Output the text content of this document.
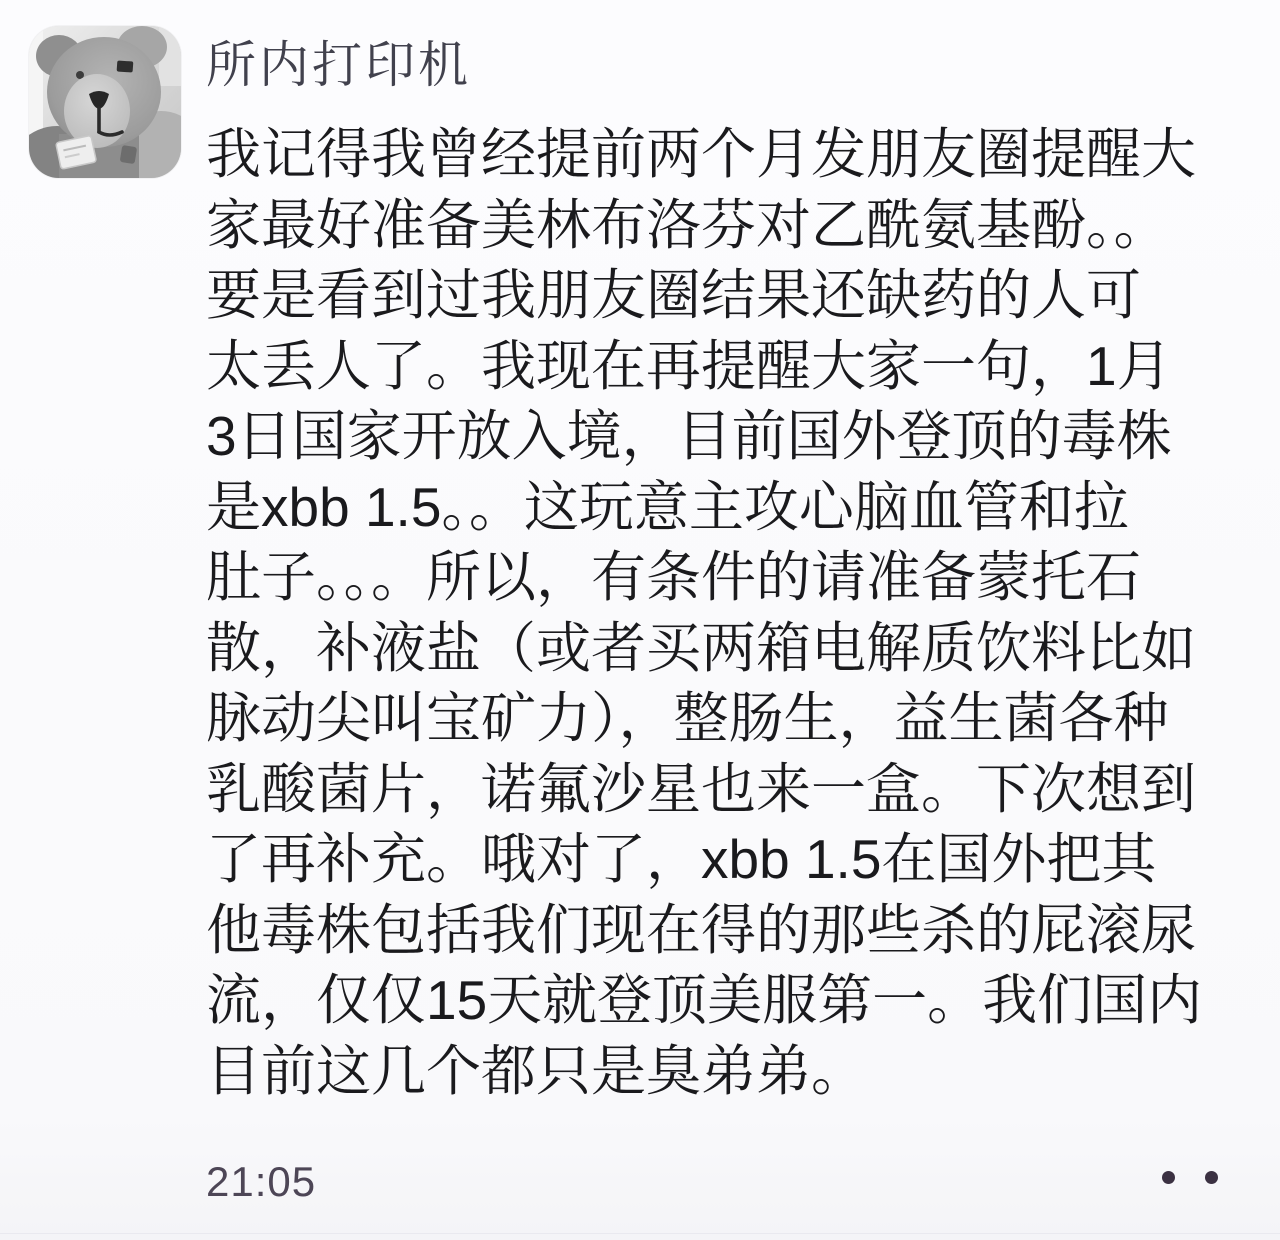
所内打印机
我记得我曾经提前两个月发朋友圈提醒大
家最好准备美林布洛芬对乙酰氨基酚。。
要是看到过我朋友圈结果还缺药的人可
太丢人了。我现在再提醒大家一句，1月
3日国家开放入境，目前国外登顶的毒株
是xbb 1.5。。这玩意主攻心脑血管和拉
肚子。。。所以，有条件的请准备蒙托石
散，补液盐（或者买两箱电解质饮料比如
脉动尖叫宝矿力），整肠生，益生菌各种
乳酸菌片，诺氟沙星也来一盒。下次想到
了再补充。哦对了，xbb 1.5在国外把其
他毒株包括我们现在得的那些杀的屁滚尿
流，仅仅15天就登顶美服第一。我们国内
目前这几个都只是臭弟弟。
21:05
